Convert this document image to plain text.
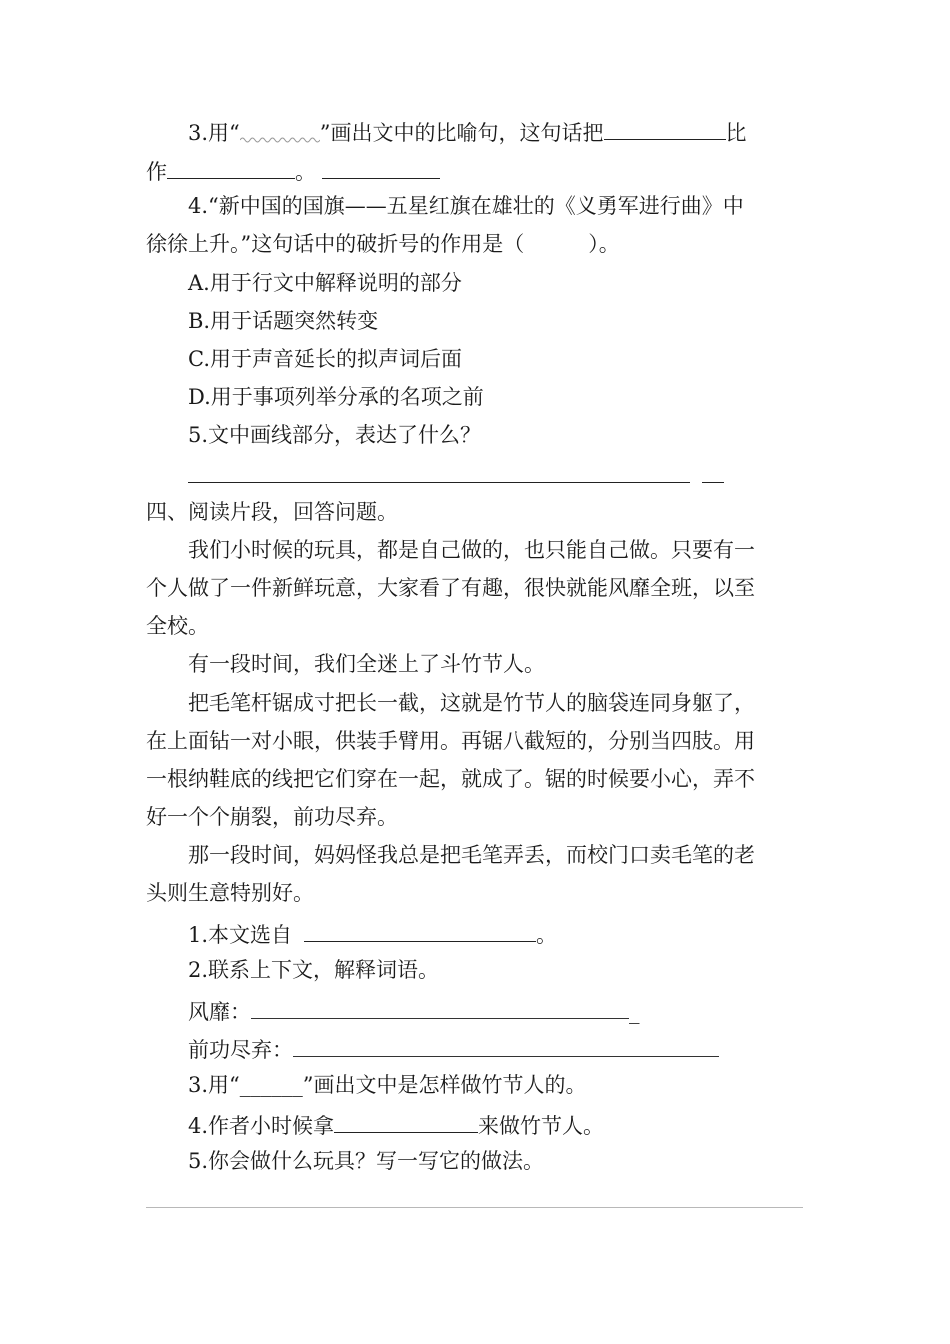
3.用“	”画出文中的比喻句，这句话把	比
作	。
4.“新中国的国旗——五星红旗在雄壮的《义勇军进行曲》中
徐徐上升。”这句话中的破折号的作用是（	）。
A.用于行文中解释说明的部分
B.用于话题突然转变
C.用于声音延长的拟声词后面
D.用于事项列举分承的名项之前
5.文中画线部分，表达了什么？
四、阅读片段，回答问题。
我们小时候的玩具，都是自己做的，也只能自己做。只要有一
个人做了一件新鲜玩意，大家看了有趣，很快就能风靡全班，以至
全校。
有一段时间，我们全迷上了斗竹节人。
把毛笔杆锯成寸把长一截，这就是竹节人的脑袋连同身躯了，
在上面钻一对小眼，供装手臂用。再锯八截短的，分别当四肢。用
一根纳鞋底的线把它们穿在一起，就成了。锯的时候要小心，弄不
好一个个崩裂，前功尽弃。
那一段时间，妈妈怪我总是把毛笔弄丢，而校门口卖毛笔的老
头则生意特别好。
1.本文选自	。
2.联系上下文，解释词语。
风靡：	_
前功尽弃：
3.用“______”画出文中是怎样做竹节人的。
4.作者小时候拿	来做竹节人。
5.你会做什么玩具？写一写它的做法。
